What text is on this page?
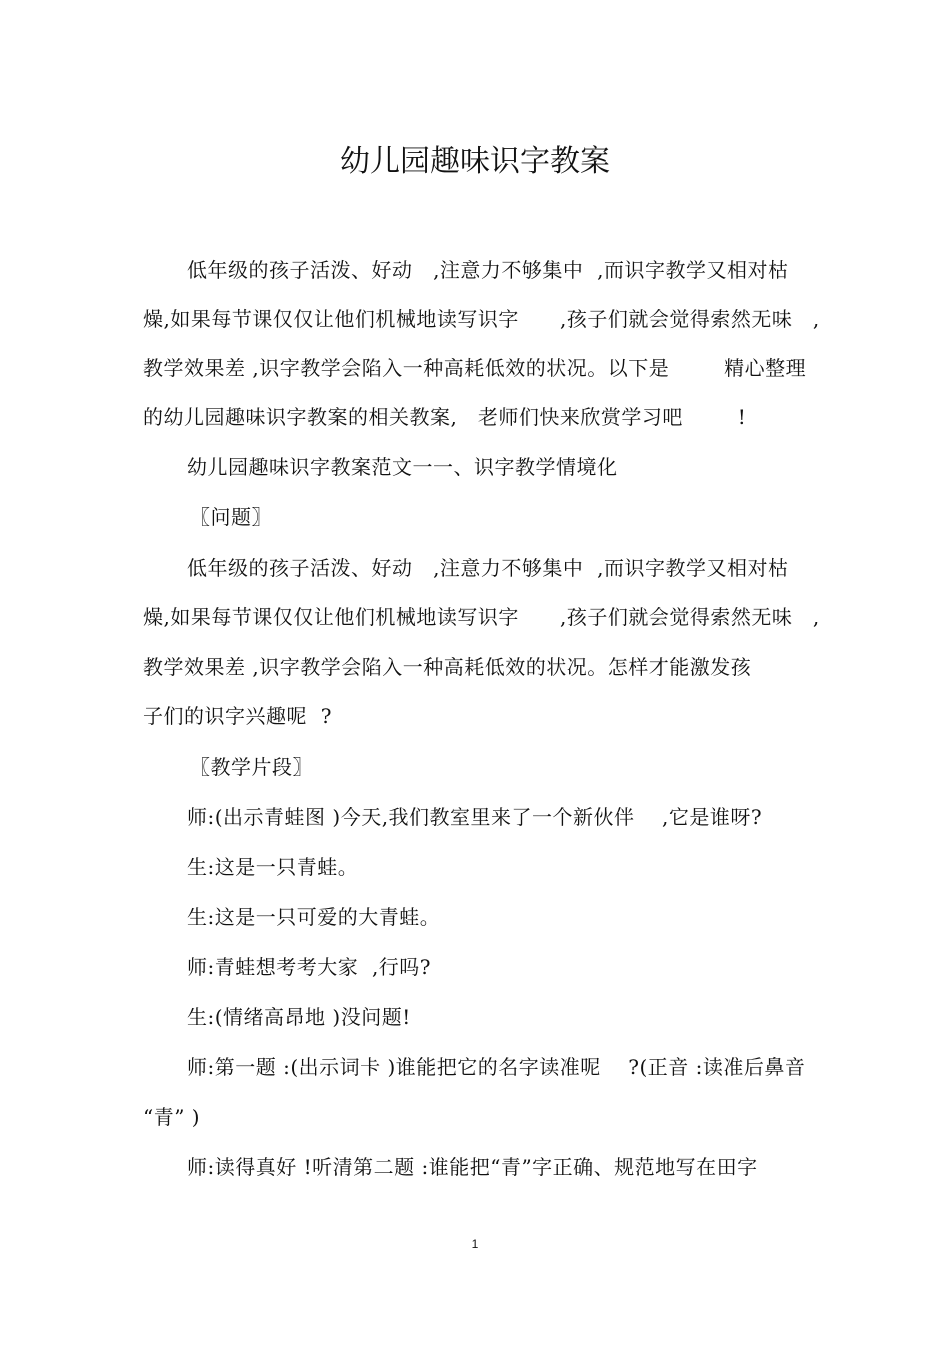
幼儿园趣味识字教案
低年级的孩子活泼、好动   ,注意力不够集中  ,而识字教学又相对枯
燥,如果每节课仅仅让他们机械地读写识字      ,孩子们就会觉得索然无味   ,
教学效果差 ,识字教学会陷入一种高耗低效的状况。以下是        精心整理
的幼儿园趣味识字教案的相关教案,   老师们快来欣赏学习吧        !
幼儿园趣味识字教案范文一一、识字教学情境化
〖问题〗
低年级的孩子活泼、好动   ,注意力不够集中  ,而识字教学又相对枯
燥,如果每节课仅仅让他们机械地读写识字      ,孩子们就会觉得索然无味   ,
教学效果差 ,识字教学会陷入一种高耗低效的状况。怎样才能激发孩
子们的识字兴趣呢  ?
〖教学片段〗
师:(出示青蛙图 )今天,我们教室里来了一个新伙伴    ,它是谁呀?
生:这是一只青蛙。
生:这是一只可爱的大青蛙。
师:青蛙想考考大家  ,行吗?
生:(情绪高昂地 )没问题!
师:第一题 :(出示词卡 )谁能把它的名字读准呢    ?(正音 :读准后鼻音
“青” )
师:读得真好 !听清第二题 :谁能把“青”字正确、规范地写在田字
1
